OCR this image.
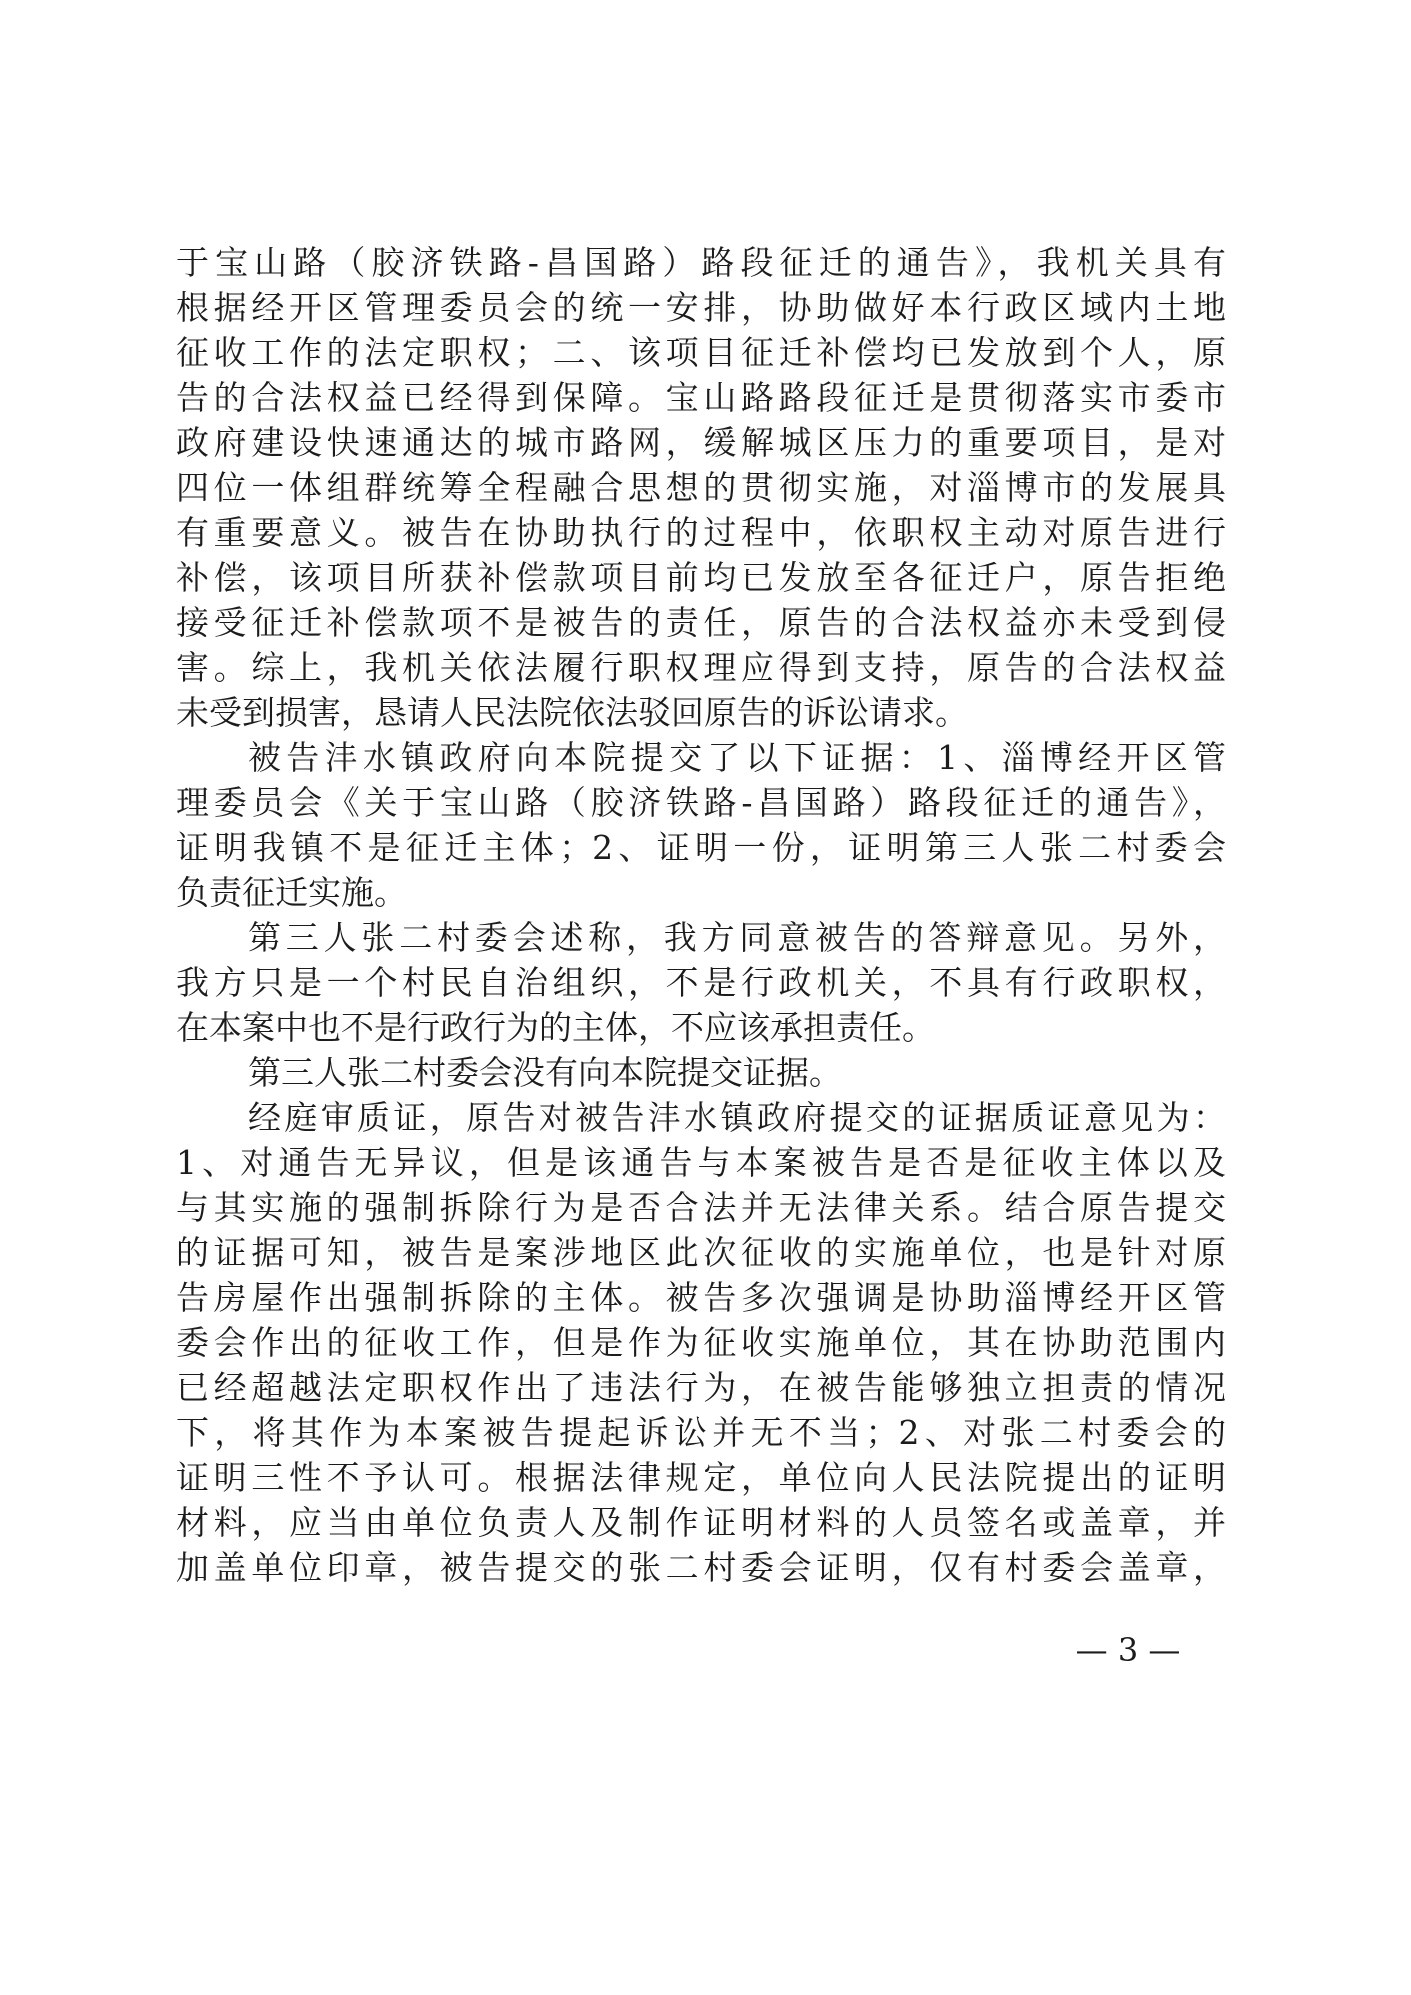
于宝山路（胶济铁路-昌国路）路段征迁的通告》，我机关具有
根据经开区管理委员会的统一安排，协助做好本行政区域内土地
征收工作的法定职权；二、该项目征迁补偿均已发放到个人，原
告的合法权益已经得到保障。宝山路路段征迁是贯彻落实市委市
政府建设快速通达的城市路网，缓解城区压力的重要项目，是对
四位一体组群统筹全程融合思想的贯彻实施，对淄博市的发展具
有重要意义。被告在协助执行的过程中，依职权主动对原告进行
补偿，该项目所获补偿款项目前均已发放至各征迁户，原告拒绝
接受征迁补偿款项不是被告的责任，原告的合法权益亦未受到侵
害。综上，我机关依法履行职权理应得到支持，原告的合法权益
未受到损害，恳请人民法院依法驳回原告的诉讼请求。
被告沣水镇政府向本院提交了以下证据：1、淄博经开区管
理委员会《关于宝山路（胶济铁路-昌国路）路段征迁的通告》，
证明我镇不是征迁主体；2、证明一份，证明第三人张二村委会
负责征迁实施。
第三人张二村委会述称，我方同意被告的答辩意见。另外，
我方只是一个村民自治组织，不是行政机关，不具有行政职权，
在本案中也不是行政行为的主体，不应该承担责任。
第三人张二村委会没有向本院提交证据。
经庭审质证，原告对被告沣水镇政府提交的证据质证意见为：
1、对通告无异议，但是该通告与本案被告是否是征收主体以及
与其实施的强制拆除行为是否合法并无法律关系。结合原告提交
的证据可知，被告是案涉地区此次征收的实施单位，也是针对原
告房屋作出强制拆除的主体。被告多次强调是协助淄博经开区管
委会作出的征收工作，但是作为征收实施单位，其在协助范围内
已经超越法定职权作出了违法行为，在被告能够独立担责的情况
下，将其作为本案被告提起诉讼并无不当；2、对张二村委会的
证明三性不予认可。根据法律规定，单位向人民法院提出的证明
材料，应当由单位负责人及制作证明材料的人员签名或盖章，并
加盖单位印章，被告提交的张二村委会证明，仅有村委会盖章，
— 3 —
